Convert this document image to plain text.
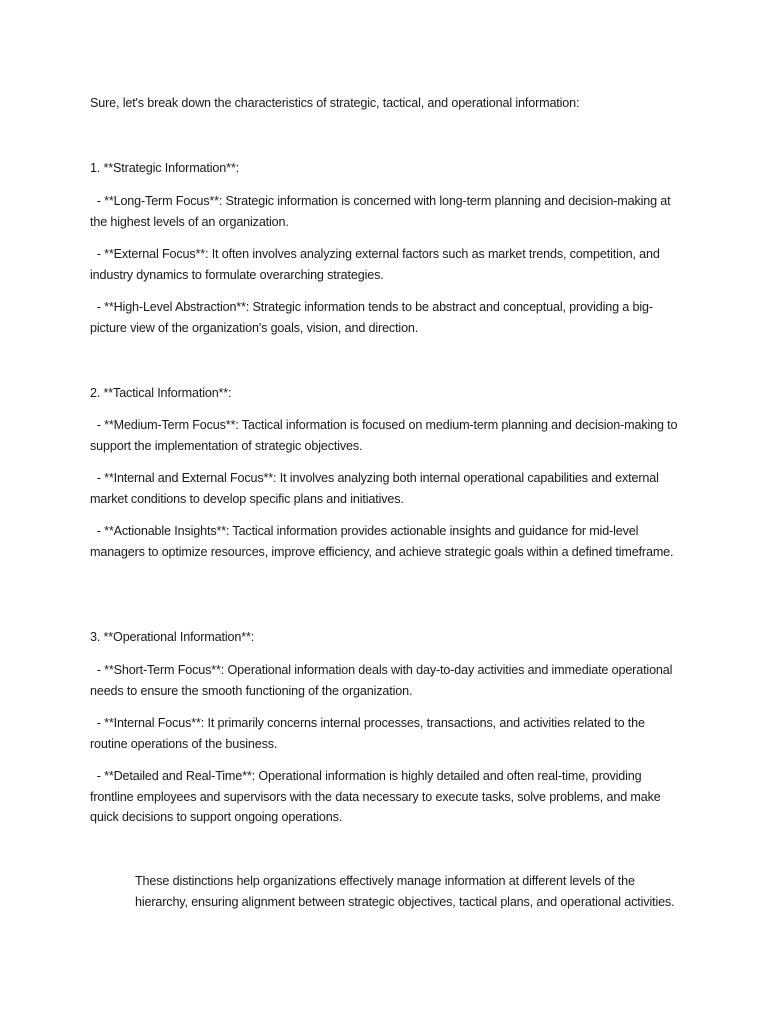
Sure, let's break down the characteristics of strategic, tactical, and operational information:

1. **Strategic Information**:

- **Long-Term Focus**: Strategic information is concerned with long-term planning and decision-making at the highest levels of an organization.

- **External Focus**: It often involves analyzing external factors such as market trends, competition, and industry dynamics to formulate overarching strategies.

- **High-Level Abstraction**: Strategic information tends to be abstract and conceptual, providing a big-picture view of the organization's goals, vision, and direction.

2. **Tactical Information**:

- **Medium-Term Focus**: Tactical information is focused on medium-term planning and decision-making to support the implementation of strategic objectives.

- **Internal and External Focus**: It involves analyzing both internal operational capabilities and external market conditions to develop specific plans and initiatives.

- **Actionable Insights**: Tactical information provides actionable insights and guidance for mid-level managers to optimize resources, improve efficiency, and achieve strategic goals within a defined timeframe.

3. **Operational Information**:

- **Short-Term Focus**: Operational information deals with day-to-day activities and immediate operational needs to ensure the smooth functioning of the organization.

- **Internal Focus**: It primarily concerns internal processes, transactions, and activities related to the routine operations of the business.

- **Detailed and Real-Time**: Operational information is highly detailed and often real-time, providing frontline employees and supervisors with the data necessary to execute tasks, solve problems, and make quick decisions to support ongoing operations.

These distinctions help organizations effectively manage information at different levels of the hierarchy, ensuring alignment between strategic objectives, tactical plans, and operational activities.
